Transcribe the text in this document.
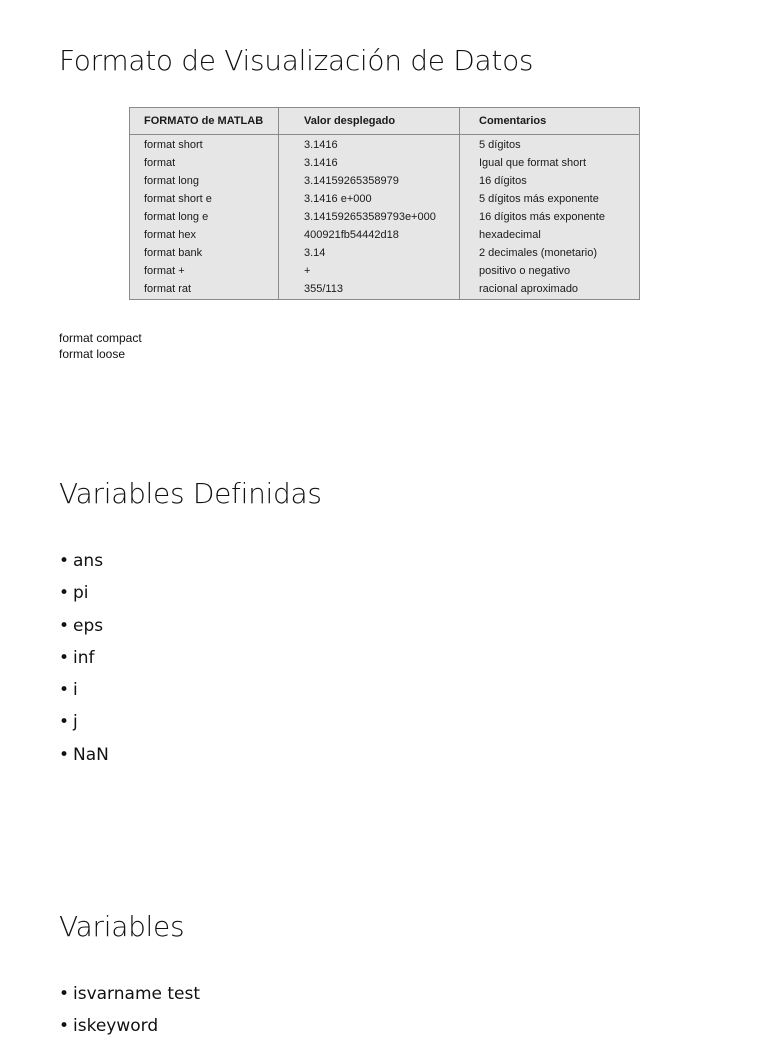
Formato de Visualización de Datos
FORMATO de MATLAB	Valor desplegado	Comentarios
format short	3.1416	5 dígitos
format	3.1416	Igual que format short
format long	3.14159265358979	16 dígitos
format short e	3.1416 e+000	5 dígitos más exponente
format long e	3.141592653589793e+000	16 dígitos más exponente
format hex	400921fb54442d18	hexadecimal
format bank	3.14	2 decimales (monetario)
format +	+	positivo o negativo
format rat	355/113	racional aproximado
format compact
format loose
Variables Definidas
• ans
• pi
• eps
• inf
• i
• j
• NaN
Variables
• isvarname test
• iskeyword
